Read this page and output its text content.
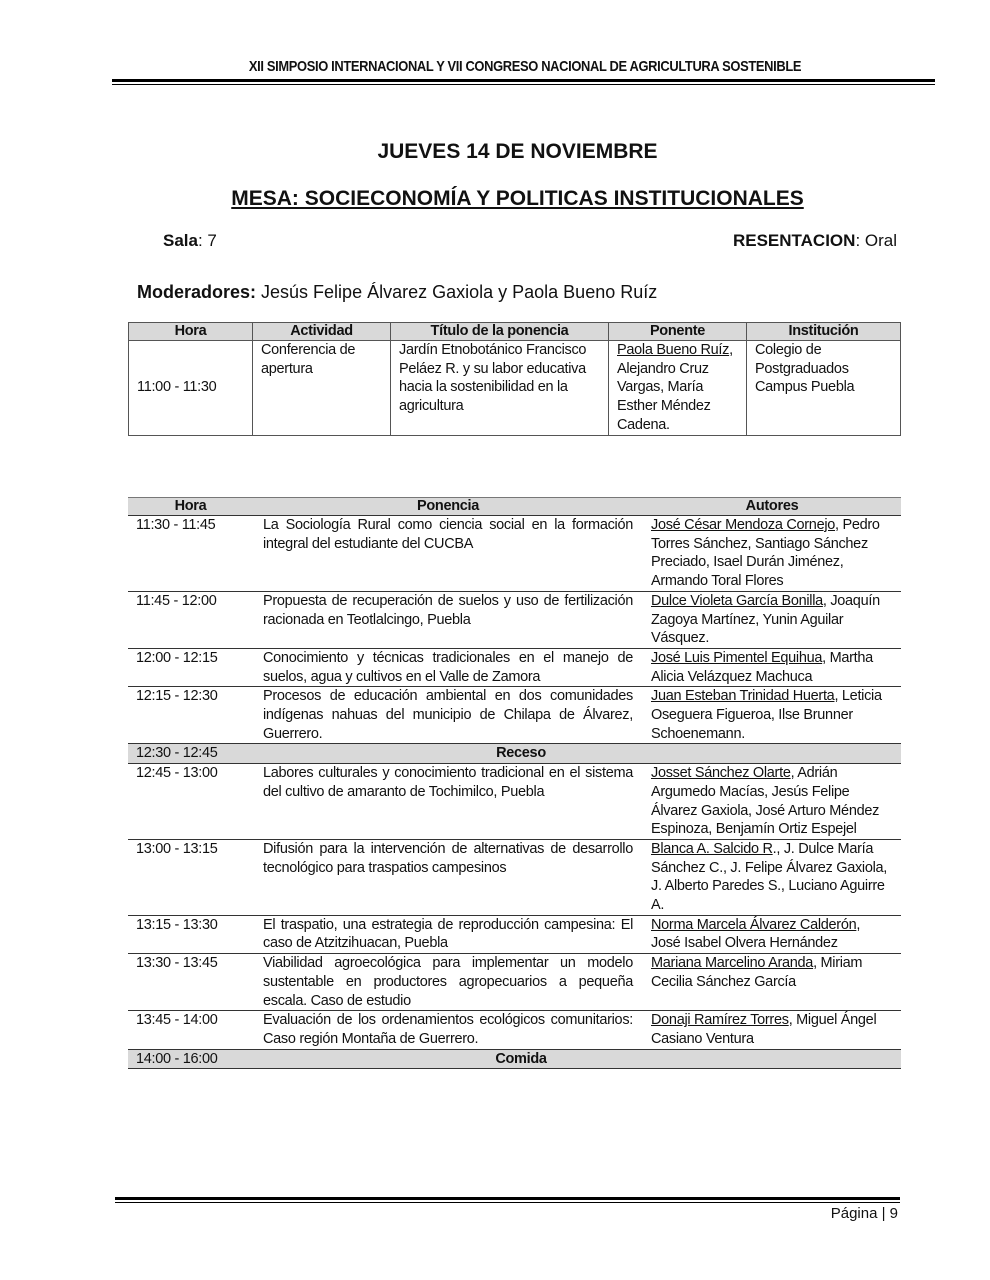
XII SIMPOSIO INTERNACIONAL Y VII CONGRESO NACIONAL DE AGRICULTURA SOSTENIBLE
JUEVES 14 DE NOVIEMBRE
MESA: SOCIECONOMÍA Y POLITICAS INSTITUCIONALES
Sala: 7	RESENTACION: Oral
Moderadores: Jesús Felipe Álvarez Gaxiola y Paola Bueno Ruíz
Hora	Actividad	Título de la ponencia	Ponente	Institución
11:00 - 11:30	Conferencia de apertura	Jardín Etnobotánico Francisco Peláez R. y su labor educativa hacia la sostenibilidad en la agricultura	Paola Bueno Ruíz, Alejandro Cruz Vargas, María Esther Méndez Cadena.	Colegio de Postgraduados Campus Puebla
Hora	Ponencia	Autores
11:30 - 11:45	La Sociología Rural como ciencia social en la formación integral del estudiante del CUCBA	José César Mendoza Cornejo, Pedro Torres Sánchez, Santiago Sánchez Preciado, Isael Durán Jiménez, Armando Toral Flores
11:45 - 12:00	Propuesta de recuperación de suelos y uso de fertilización racionada en Teotlalcingo, Puebla	Dulce Violeta García Bonilla, Joaquín Zagoya Martínez, Yunin Aguilar Vásquez.
12:00 - 12:15	Conocimiento y técnicas tradicionales en el manejo de suelos, agua y cultivos en el Valle de Zamora	José Luis Pimentel Equihua, Martha Alicia Velázquez Machuca
12:15 - 12:30	Procesos de educación ambiental en dos comunidades indígenas nahuas del municipio de Chilapa de Álvarez, Guerrero.	Juan Esteban Trinidad Huerta, Leticia Oseguera Figueroa, Ilse Brunner Schoenemann.
12:30 - 12:45	Receso	
12:45 - 13:00	Labores culturales y conocimiento tradicional en el sistema del cultivo de amaranto de Tochimilco, Puebla	Josset Sánchez Olarte, Adrián Argumedo Macías, Jesús Felipe Álvarez Gaxiola, José Arturo Méndez Espinoza, Benjamín Ortiz Espejel
13:00 - 13:15	Difusión para la intervención de alternativas de desarrollo tecnológico para traspatios campesinos	Blanca A. Salcido R., J. Dulce María Sánchez C., J. Felipe Álvarez Gaxiola, J. Alberto Paredes S., Luciano Aguirre A.
13:15 - 13:30	El traspatio, una estrategia de reproducción campesina: El caso de Atzitzihuacan, Puebla	Norma Marcela Álvarez Calderón, José Isabel Olvera Hernández
13:30 - 13:45	Viabilidad agroecológica para implementar un modelo sustentable en productores agropecuarios a pequeña escala. Caso de estudio	Mariana Marcelino Aranda, Miriam Cecilia Sánchez García
13:45 - 14:00	Evaluación de los ordenamientos ecológicos comunitarios: Caso región Montaña de Guerrero.	Donaji Ramírez Torres, Miguel Ángel Casiano Ventura
14:00 - 16:00	Comida	
Página | 9
